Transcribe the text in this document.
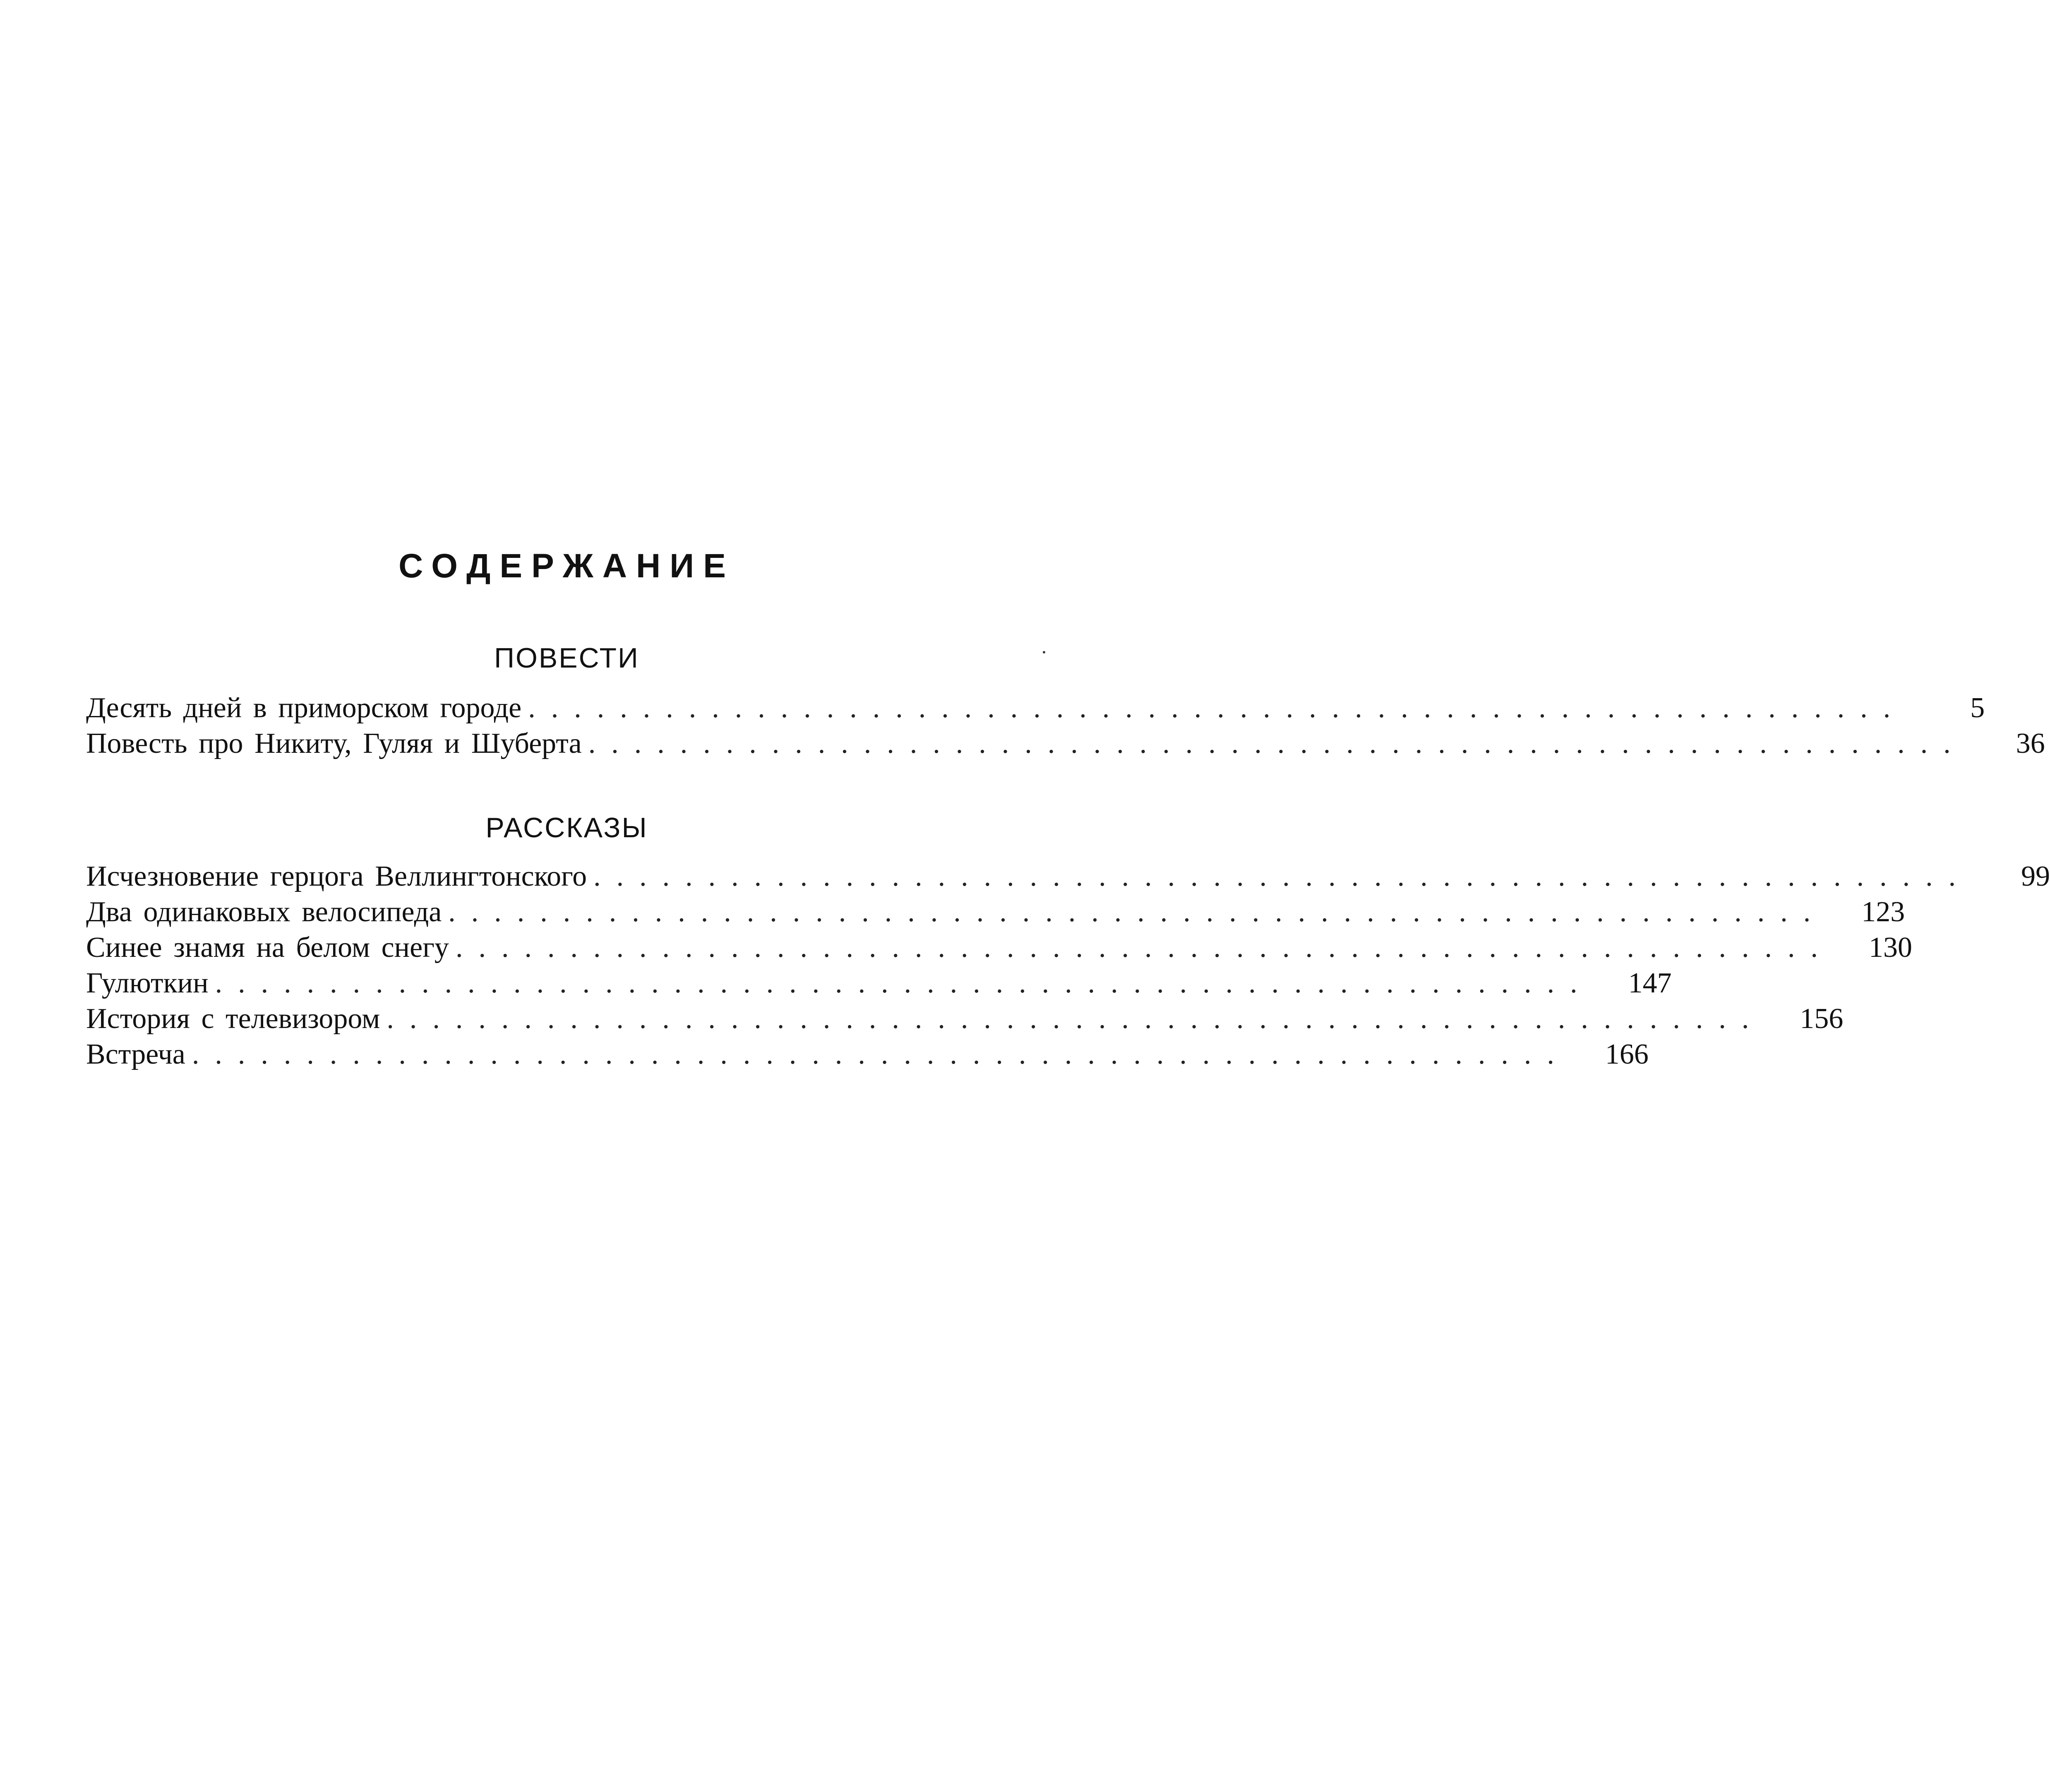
СОДЕРЖАНИЕ
ПОВЕСТИ
Десять дней в приморском городе ............................................................	5
Повесть про Никиту, Гуляя и Шуберта ............................................................	36
РАССКАЗЫ
Исчезновение герцога Веллингтонского ............................................................	99
Два одинаковых велосипеда ............................................................	123
Синее знамя на белом снегу ............................................................	130
Гулюткин ............................................................	147
История с телевизором ............................................................	156
Встреча ............................................................	166
